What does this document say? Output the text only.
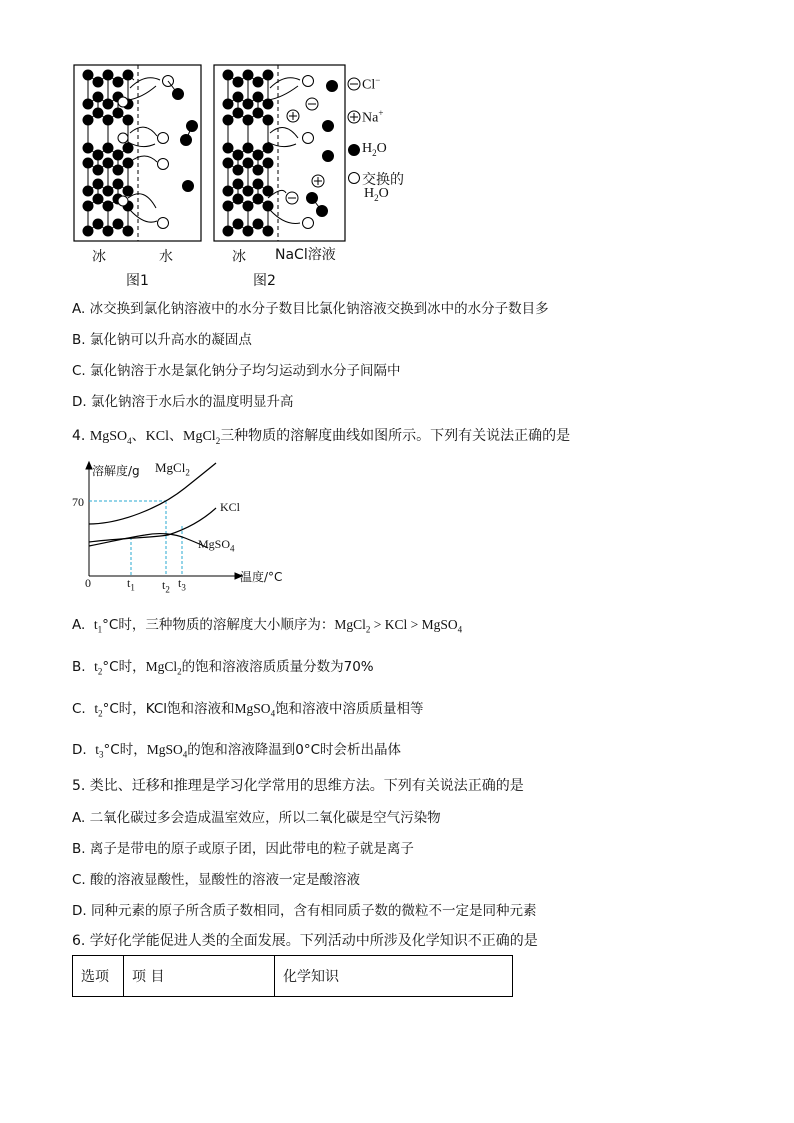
Cl−
Na+
$H_2O$
交换的
$H_2O$
冰	水
图1
冰 NaCl溶液
图2
A. 冰交换到氯化钠溶液中的水分子数目比氯化钠溶液交换到冰中的水分子数目多
B. 氯化钠可以升高水的凝固点
C. 氯化钠溶于水是氯化钠分子均匀运动到水分子间隔中
D. 氯化钠溶于水后水的温度明显升高
4. MgSO$_4$、KCl、MgCl$_2$三种物质的溶解度曲线如图所示。下列有关说法正确的是
溶解度/g MgCl$_2$
KCl
MgSO$_4$
70
0	$t_1$ $t_2$ $t_3$
温度/°C
A. $t_1^\circ C$时，三种物质的溶解度大小顺序为：MgCl$_2$ > KCl > MgSO$_4$
B. $t_2^\circ C$时，MgCl$_2$的饱和溶液溶质质量分数为70%
C. $t_2^\circ C$时，KCl饱和溶液和MgSO$_4$饱和溶液中溶质质量相等
D. $t_3^\circ C$时，MgSO$_4$的饱和溶液降温到0°C时会析出晶体
5. 类比、迁移和推理是学习化学常用的思维方法。下列有关说法正确的是
A. 二氧化碳过多会造成温室效应，所以二氧化碳是空气污染物
B. 离子是带电的原子或原子团，因此带电的粒子就是离子
C. 酸的溶液显酸性，显酸性的溶液一定是酸溶液
D. 同种元素的原子所含质子数相同，含有相同质子数的微粒不一定是同种元素
6. 学好化学能促进人类的全面发展。下列活动中所涉及化学知识不正确的是
选项	项 目	化学知识
